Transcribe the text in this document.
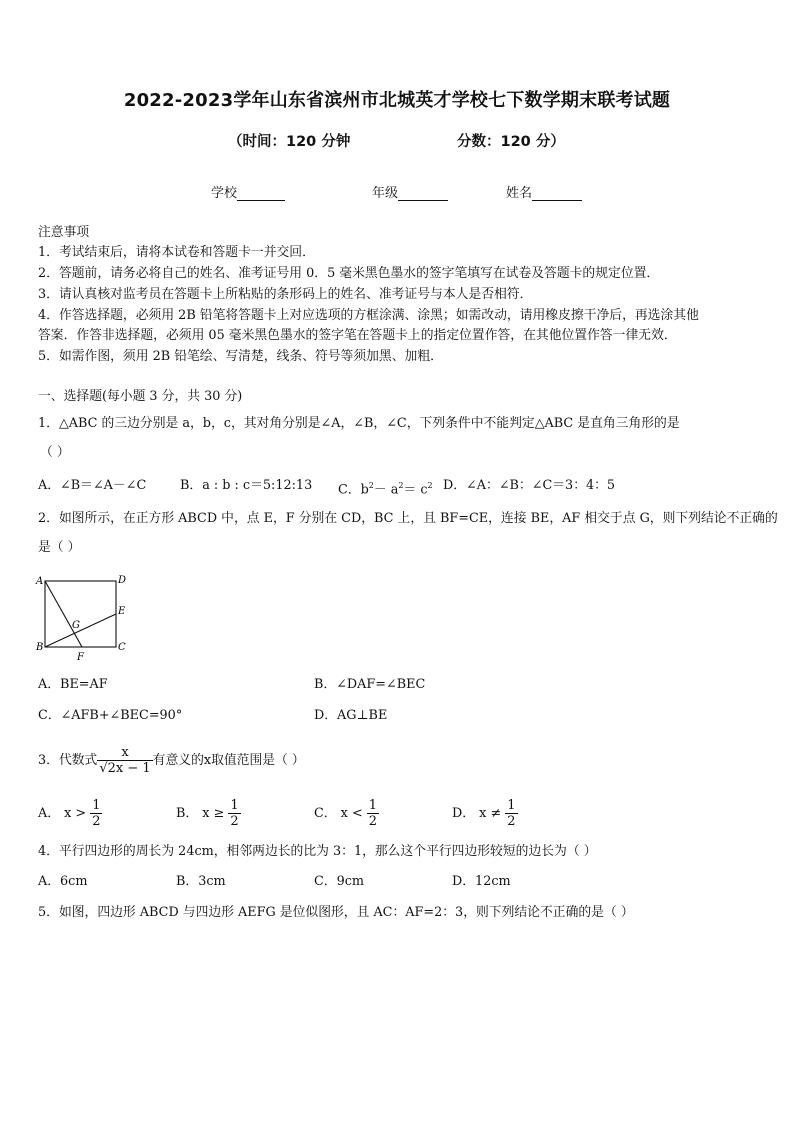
2022-2023学年山东省滨州市北城英才学校七下数学期末联考试题
（时间：120 分钟	分数：120 分）
学校	年级	姓名
注意事项
1．考试结束后，请将本试卷和答题卡一并交回．
2．答题前，请务必将自己的姓名、准考证号用 0．5 毫米黑色墨水的签字笔填写在试卷及答题卡的规定位置．
3．请认真核对监考员在答题卡上所粘贴的条形码上的姓名、准考证号与本人是否相符．
4．作答选择题，必须用 2B 铅笔将答题卡上对应选项的方框涂满、涂黑；如需改动，请用橡皮擦干净后，再选涂其他
答案．作答非选择题，必须用 05 毫米黑色墨水的签字笔在答题卡上的指定位置作答，在其他位置作答一律无效．
5．如需作图，须用 2B 铅笔绘、写清楚，线条、符号等须加黑、加粗．
一、选择题(每小题 3 分，共 30 分)
1．△ABC 的三边分别是 a，b，c，其对角分别是∠A，∠B，∠C，下列条件中不能判定△ABC 是直角三角形的是
（ ）
A．∠B＝∠A－∠C	B．a : b : c＝5:12:13 C．$b^2- a^2= c^2$ D．∠A：∠B：∠C＝3：4：5
2．如图所示，在正方形 ABCD 中，点 E，F 分别在 CD，BC 上，且 BF=CE，连接 BE，AF 相交于点 G，则下列结论不正确的
是（ ）
A	D
E
G
B
F
C
A．BE=AF	B．∠DAF=∠BEC
C．∠AFB+∠BEC=90°	D．AG⊥BE
3．代数式 $\frac{x}{√2x - 1}$ 有意义的x取值范围是（ ）
A． $x > \frac{1}{2}$	B． $x \ge \frac{1}{2}$	C． $x < \frac{1}{2}$	D． $x \ne \frac{1}{2}$
4．平行四边形的周长为 24cm，相邻两边长的比为 3：1，那么这个平行四边形较短的边长为（ ）
A．6cm	B．3cm	C．9cm	D．12cm
5．如图，四边形 ABCD 与四边形 AEFG 是位似图形，且 AC：AF=2：3，则下列结论不正确的是（ ）
